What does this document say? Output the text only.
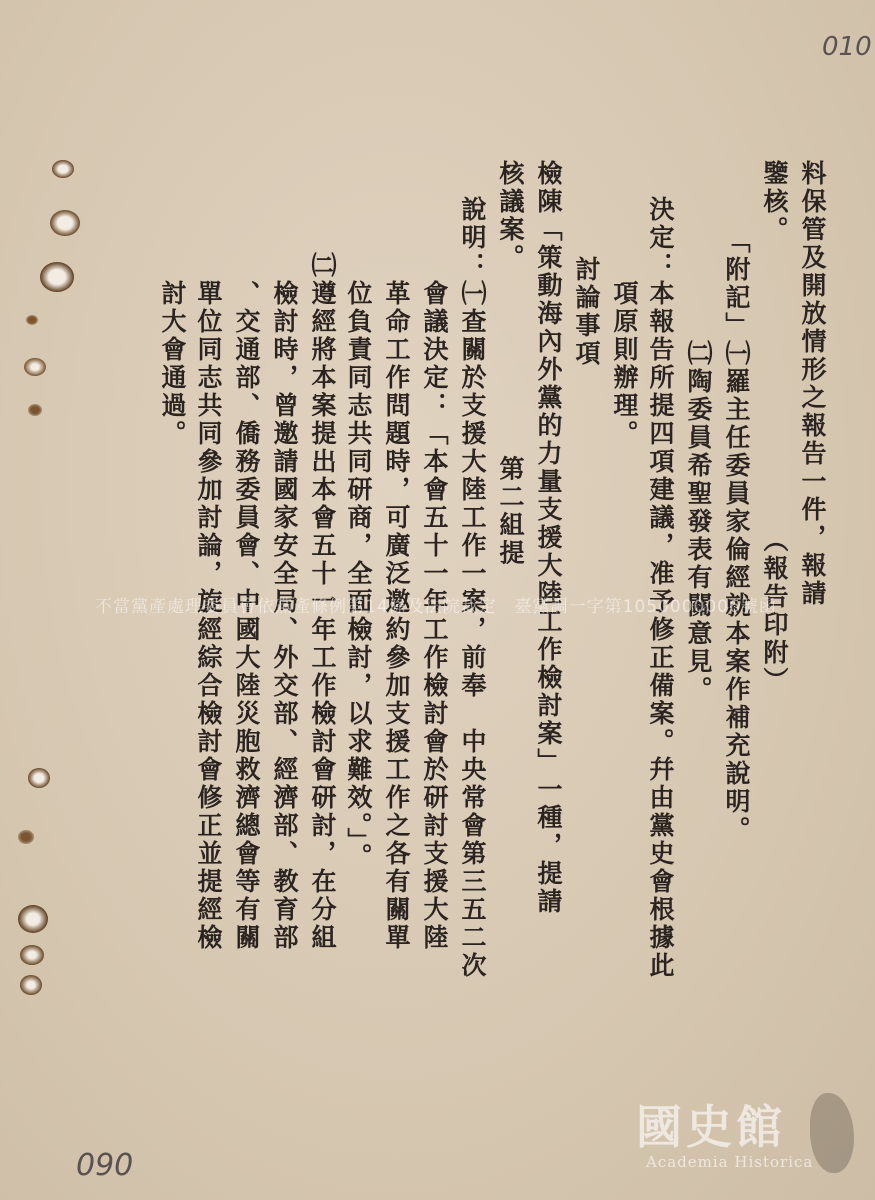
010
090
料保管及開放情形之報告一件，報請
鑒核。　　　　　　　　　　　（報告印附）
「附記」㈠羅主任委員家倫經就本案作補充說明。
　　　　㈡陶委員希聖發表有關意見。
決定：本報告所提四項建議，准予修正備案。幷由黨史會根據此
　　　項原則辦理。
　　討論事項
檢陳「策動海內外黨的力量支援大陸工作檢討案」一種，提請
核議案。　　　　　　　第二組提
說明：㈠查關於支援大陸工作一案，前奉　中央常會第三五二次
　　　會議決定：「本會五十一年工作檢討會於研討支援大陸
　　　革命工作問題時，可廣泛邀約參加支援工作之各有關單
　　　位負責同志共同研商，全面檢討，以求難效。」。
　　㈡遵經將本案提出本會五十一年工作檢討會研討，在分組
　　　檢討時，曾邀請國家安全局、外交部、經濟部、教育部
　　　、交通部、僑務委員會、中國大陸災胞救濟總會等有關
　　　單位同志共同參加討論，旋經綜合檢討會修正並提經檢
　　　討大會通過。
不當黨產處理委員會依黨產條例第14條及法院裁定　臺黨調一字第1050000006號函
國史館
Academia Historica
